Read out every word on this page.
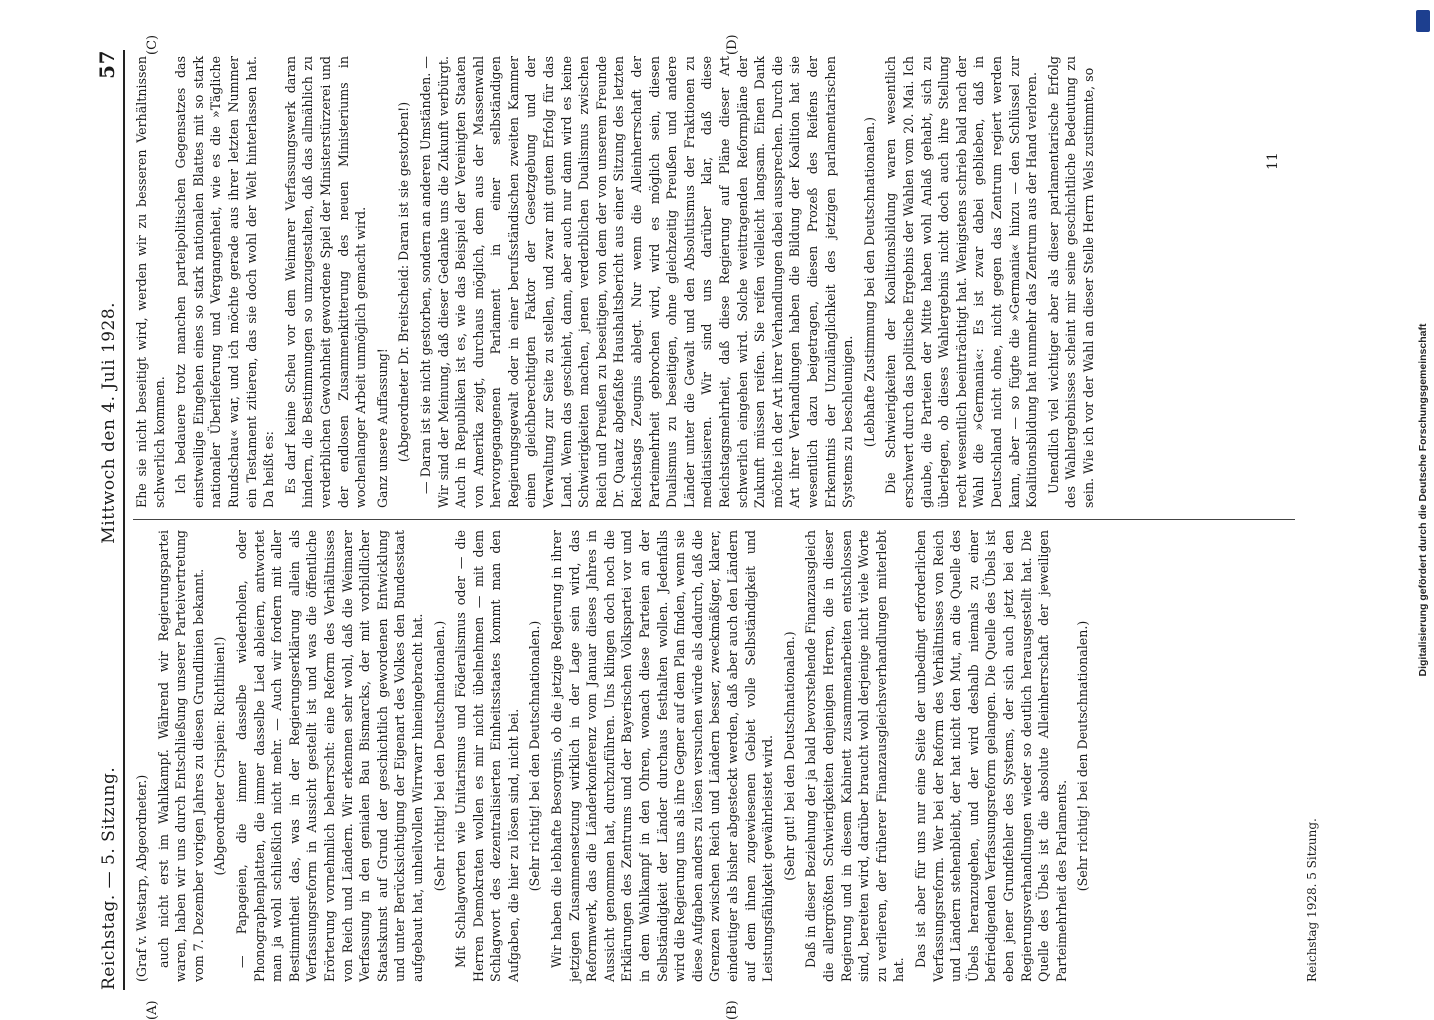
Reichstag. — 5. Sitzung.
Mittwoch den 4. Juli 1928.
57

(Graf v. Westarp, Abgeordneter.) auch nicht erst im Wahlkampf. Während wir Regierungspartei waren, haben wir uns durch Entschließung unserer Parteivertretung vom 7. Dezember vorigen Jahres zu diesen Grundlinien bekannt. (Abgeordneter Crispien: Richtlinien!) — Papageien, die immer dasselbe wiederholen, oder Phonographenplatten, die immer dasselbe Lied ableiern, antwortet man ja wohl schließlich nicht mehr. — Auch wir fordern mit aller Bestimmtheit das, was in der Regierungserklärung allein als Verfassungsreform in Aussicht gestellt ist und was die öffentliche Erörterung vornehmlich beherrscht: eine Reform des Verhältnisses von Reich und Ländern. Wir erkennen sehr wohl, daß die Weimarer Verfassung in den genialen Bau Bismarcks, der mit vorbildlicher Staatskunst auf Grund der geschichtlich gewordenen Entwicklung und unter Berücksichtigung der Eigenart des Volkes den Bundesstaat aufgebaut hat, unheilvollen Wirrwarr hineingebracht hat. (Sehr richtig! bei den Deutschnationalen.) Mit Schlagworten wie Unitarismus und Föderalismus oder — die Herren Demokraten wollen es mir nicht übelnehmen — mit dem Schlagwort des dezentralisierten Einheitsstaates kommt man den Aufgaben, die hier zu lösen sind, nicht bei. (Sehr richtig! bei den Deutschnationalen.) Wir haben die lebhafte Besorgnis, ob die jetzige Regierung in ihrer jetzigen Zusammensetzung wirklich in der Lage sein wird, das Reformwerk, das die Länderkonferenz vom Januar dieses Jahres in Aussicht genommen hat, durchzuführen. Uns klingen doch noch die Erklärungen des Zentrums und der Bayerischen Volkspartei vor und in dem Wahlkampf in den Ohren, wonach diese Parteien an der Selbständigkeit der Länder durchaus festhalten wollen. Jedenfalls wird die Regierung uns als ihre Gegner auf dem Plan finden, wenn sie diese Aufgaben anders zu lösen versuchen würde als dadurch, daß die Grenzen zwischen Reich und Ländern besser, zweckmäßiger, klarer, eindeutiger als bisher abgesteckt werden, daß aber auch den Ländern auf dem ihnen zugewiesenen Gebiet volle Selbständigkeit und Leistungsfähigkeit gewährleistet wird. (Sehr gut! bei den Deutschnationalen.) Daß in dieser Beziehung der ja bald bevorstehende Finanzausgleich die allergrößten Schwierigkeiten denjenigen Herren, die in dieser Regierung und in diesem Kabinett zusammenarbeiten entschlossen sind, bereiten wird, darüber braucht wohl derjenige nicht viele Worte zu verlieren, der früherer Finanzausgleichsverhandlungen miterlebt hat.

Das ist aber für uns nur eine Seite der unbedingt erforderlichen Verfassungsreform. Wer bei der Reform des Verhältnisses von Reich und Ländern stehenbleibt, der hat nicht den Mut, an die Quelle des Übels heranzugehen, und der wird deshalb niemals zu einer befriedigenden Verfassungsreform gelangen. Die Quelle des Übels ist eben jener Grundfehler des Systems, der sich auch jetzt bei den Regierungsverhandlungen wieder so deutlich herausgestellt hat. Die Quelle des Übels ist die absolute Alleinherrschaft der jeweiligen Parteimehrheit des Parlaments. (Sehr richtig! bei den Deutschnationalen.)

Ehe sie nicht beseitigt wird, werden wir zu besseren Verhältnissen schwerlich kommen. Ich bedauere trotz manchen parteipolitischen Gegensatzes das einstweilige Eingehen eines so stark nationalen Blattes mit so stark nationaler Überlieferung und Vergangenheit, wie es die »Tägliche Rundschau« war, und ich möchte gerade aus ihrer letzten Nummer ein Testament zitieren, das sie doch wohl der Welt hinterlassen hat. Da heißt es: Es darf keine Scheu vor dem Weimarer Verfassungswerk daran hindern, die Bestimmungen so umzugestalten, daß das allmählich zu verderblichen Gewohnheit gewordene Spiel der Ministerstürzerei und der endlosen Zusammenkitterung des neuen Ministeriums in wochenlanger Arbeit unmöglich gemacht wird. Ganz unsere Auffassung! (Abgeordneter Dr. Breitscheid: Daran ist sie gestorben!) — Daran ist sie nicht gestorben, sondern an anderen Umständen. — Wir sind der Meinung, daß dieser Gedanke uns die Zukunft verbürgt. Auch in Republiken ist es, wie das Beispiel der Vereinigten Staaten von Amerika zeigt, durchaus möglich, dem aus der Massenwahl hervorgegangenen Parlament in einer selbständigen Regierungsgewalt oder in einer berufsständischen zweiten Kammer einen gleichberechtigten Faktor der Gesetzgebung und der Verwaltung zur Seite zu stellen, und zwar mit gutem Erfolg für das Land. Wenn das geschieht, dann, aber auch nur dann wird es keine Schwierigkeiten machen, jenen verderblichen Dualismus zwischen Reich und Preußen zu beseitigen, von dem der von unserem Freunde Dr. Quaatz abgefaßte Haushaltsbericht aus einer Sitzung des letzten Reichstags Zeugnis ablegt. Nur wenn die Alleinherrschaft der Parteimehrheit gebrochen wird, wird es möglich sein, diesen Dualismus zu beseitigen, ohne gleichzeitig Preußen und andere Länder unter die Gewalt und den Absolutismus der Fraktionen zu mediatisieren. Wir sind uns darüber klar, daß diese Reichstagsmehrheit, daß diese Regierung auf Pläne dieser Art schwerlich eingehen wird. Solche weittragenden Reformpläne der Zukunft müssen reifen. Sie reifen vielleicht langsam. Einen Dank möchte ich der Art ihrer Verhandlungen dabei aussprechen. Durch die Art ihrer Verhandlungen haben die Bildung der Koalition hat sie wesentlich dazu beigetragen, diesen Prozeß des Reifens der Erkenntnis der Unzulänglichkeit des jetzigen parlamentarischen Systems zu beschleunigen. (Lebhafte Zustimmung bei den Deutschnationalen.) Die Schwierigkeiten der Koalitionsbildung waren wesentlich erschwert durch das politische Ergebnis der Wahlen vom 20. Mai. Ich glaube, die Parteien der Mitte haben wohl Anlaß gehabt, sich zu überlegen, ob dieses Wahlergebnis nicht doch auch ihre Stellung recht wesentlich beeinträchtigt hat. Wenigstens schrieb bald nach der Wahl die »Germania«: Es ist zwar dabei geblieben, daß in Deutschland nicht ohne, nicht gegen das Zentrum regiert werden kann, aber — so fügte die »Germania« hinzu — den Schlüssel zur Koalitionsbildung hat nunmehr das Zentrum aus der Hand verloren. Unendlich viel wichtiger aber als dieser parlamentarische Erfolg des Wahlergebnisses scheint mir seine geschichtliche Bedeutung zu sein. Wie ich vor der Wahl an dieser Stelle Herrn Wels zustimmte, so

(A)	(B)
(C)	(D)
Reichstag 1928. 5 Sitzung.
11
Digitalisierung gefördert durch die Deutsche Forschungsgemeinschaft
